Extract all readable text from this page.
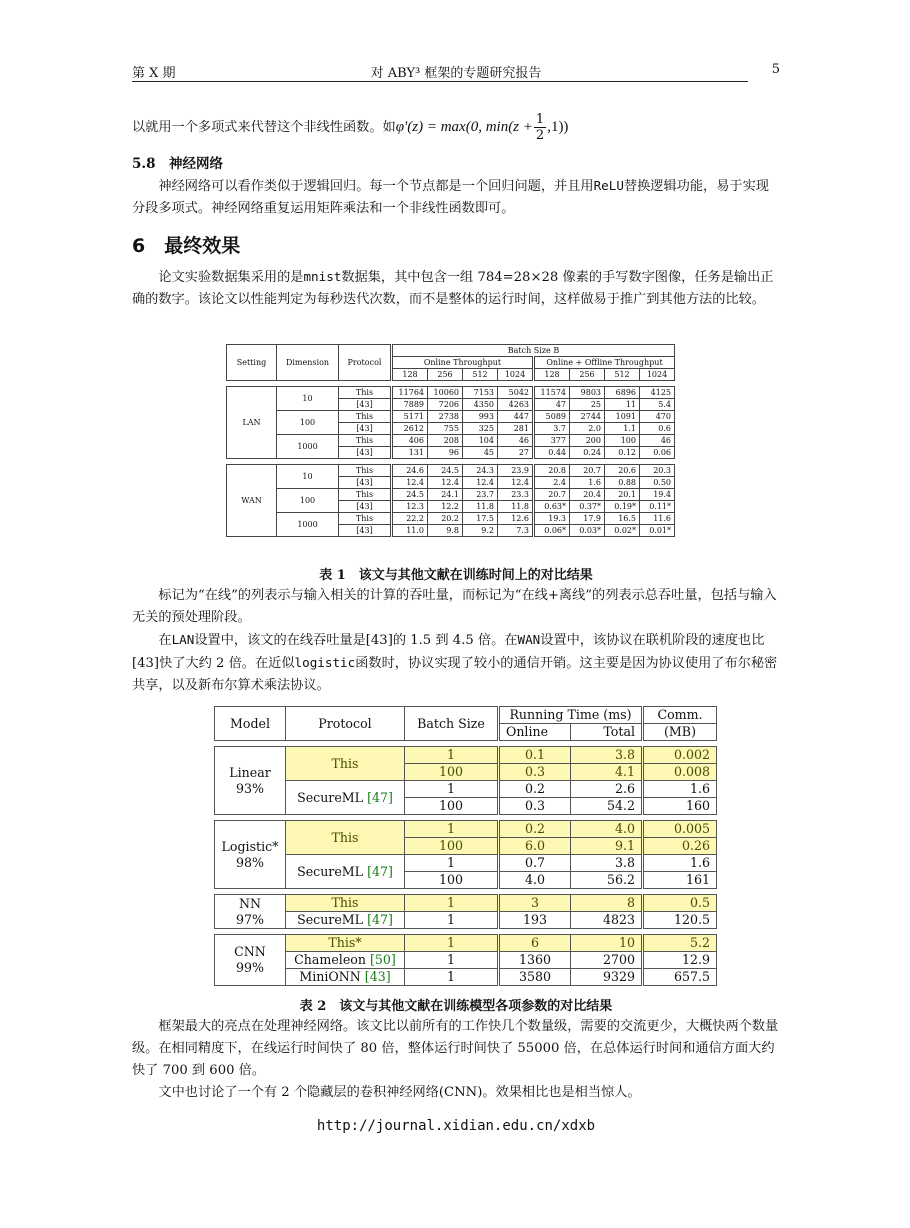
第 X 期	对 ABY³ 框架的专题研究报告	5

以就用一个多项式来代替这个非线性函数。如φ'(z) = max(0, $\min(z + \frac{1}{2} ,1)$)

5.8　神经网络

神经网络可以看作类似于逻辑回归。每一个节点都是一个回归问题，并且用ReLU替换逻辑功能，易于实现分段多项式。神经网络重复运用矩阵乘法和一个非线性函数即可。

6　最终效果

论文实验数据集采用的是mnist数据集，其中包含一组 784=28×28 像素的手写数字图像，任务是输出正确的数字。该论文以性能判定为每秒迭代次数，而不是整体的运行时间，这样做易于推广到其他方法的比较。

Setting	Dimension	Protocol	Batch Size B							
			Online Throughput				Online + Offline Throughput			
			128	256	512	1024	128	256	512	1024

LAN	10	This	11764	10060	7153	5042	11574	9803	6896	4125
		[43]	7889	7206	4350	4263	47	25	11	5.4
	100	This	5171	2738	993	447	5089	2744	1091	470
		[43]	2612	755	325	281	3.7	2.0	1.1	0.6
	1000	This	406	208	104	46	377	200	100	46
		[43]	131	96	45	27	0.44	0.24	0.12	0.06

WAN	10	This	24.6	24.5	24.3	23.9	20.8	20.7	20.6	20.3
		[43]	12.4	12.4	12.4	12.4	2.4	1.6	0.88	0.50
	100	This	24.5	24.1	23.7	23.3	20.7	20.4	20.1	19.4
		[43]	12.3	12.2	11.8	11.8	0.63*	0.37*	0.19*	0.11*
	1000	This	22.2	20.2	17.5	12.6	19.3	17.9	16.5	11.6
		[43]	11.0	9.8	9.2	7.3	0.06*	0.03*	0.02*	0.01*

表 1　该文与其他文献在训练时间上的对比结果

标记为“在线”的列表示与输入相关的计算的吞吐量，而标记为“在线+离线”的列表示总吞吐量，包括与输入无关的预处理阶段。

在LAN设置中，该文的在线吞吐量是[43]的 1.5 到 4.5 倍。在WAN设置中，该协议在联机阶段的速度也比[43]快了大约 2 倍。在近似logistic函数时，协议实现了较小的通信开销。这主要是因为协议使用了布尔秘密共享，以及新布尔算术乘法协议。

Model	Protocol	Batch Size	Running Time (ms)		Comm.
			Online	Total	(MB)

Linear
93%	This	1	0.1	3.8	0.002
		100	0.3	4.1	0.008
	SecureML [47]	1	0.2	2.6	1.6
		100	0.3	54.2	160

Logistic*
98%	This	1	0.2	4.0	0.005
		100	6.0	9.1	0.26
	SecureML [47]	1	0.7	3.8	1.6
		100	4.0	56.2	161

NN
97%	This	1	3	8	0.5
	SecureML [47]	1	193	4823	120.5

CNN
99%	This*	1	6	10	5.2
	Chameleon [50]	1	1360	2700	12.9
	MiniONN [43]	1	3580	9329	657.5

表 2　该文与其他文献在训练模型各项参数的对比结果

框架最大的亮点在处理神经网络。该文比以前所有的工作快几个数量级，需要的交流更少，大概快两个数量级。在相同精度下，在线运行时间快了 80 倍，整体运行时间快了 55000 倍，在总体运行时间和通信方面大约快了 700 到 600 倍。

文中也讨论了一个有 2 个隐藏层的卷积神经网络(CNN)。效果相比也是相当惊人。

http://journal.xidian.edu.cn/xdxb
